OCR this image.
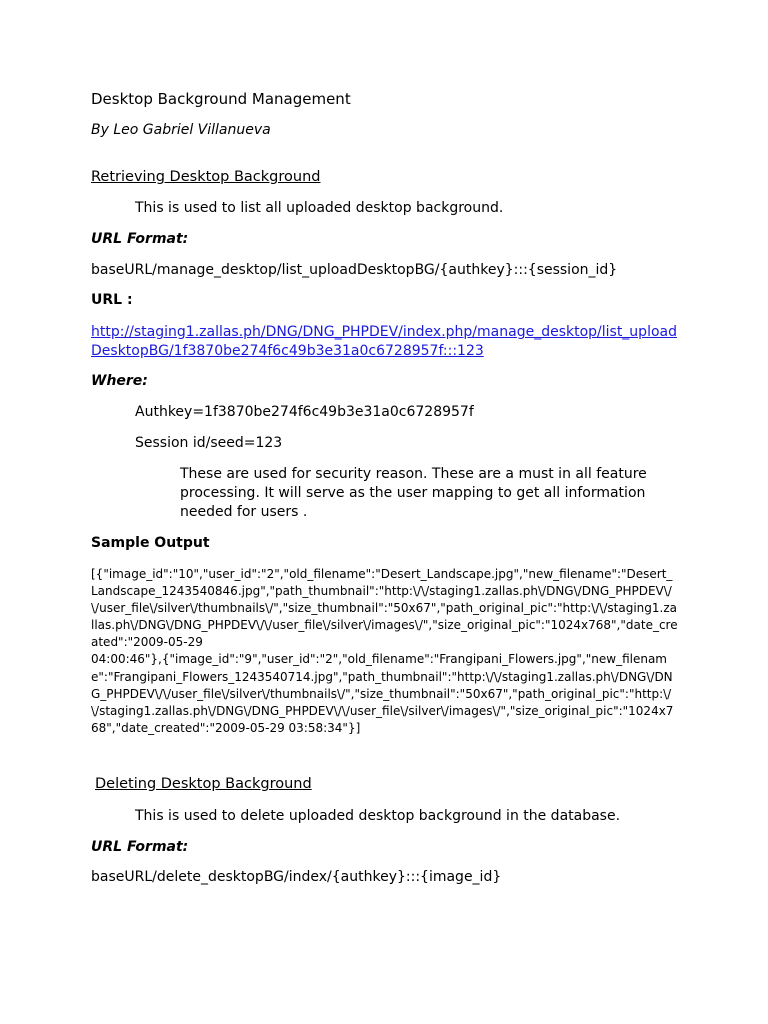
Desktop Background Management
By Leo Gabriel Villanueva
Retrieving Desktop Background
This is used to list all uploaded desktop background.
URL Format:
baseURL/manage_desktop/list_uploadDesktopBG/{authkey}:::{session_id}
URL :
http://staging1.zallas.ph/DNG/DNG_PHPDEV/index.php/manage_desktop/list_upload
DesktopBG/1f3870be274f6c49b3e31a0c6728957f:::123
Where:
Authkey=1f3870be274f6c49b3e31a0c6728957f
Session id/seed=123
These are used for security reason. These are a must in all feature
processing. It will serve as the user mapping to get all information
needed for users .
Sample Output
[{"image_id":"10","user_id":"2","old_filename":"Desert_Landscape.jpg","new_filename":"Desert_Landscape_1243540846.jpg","path_thumbnail":"http:\/\/staging1.zallas.ph\/DNG\/DNG_PHPDEV\/\/user_file\/silver\/thumbnails\/","size_thumbnail":"50x67","path_original_pic":"http:\/\/staging1.zallas.ph\/DNG\/DNG_PHPDEV\/\/user_file\/silver\/images\/","size_original_pic":"1024x768","date_created":"2009-05-29
04:00:46"},{"image_id":"9","user_id":"2","old_filename":"Frangipani_Flowers.jpg","new_filename":"Frangipani_Flowers_1243540714.jpg","path_thumbnail":"http:\/\/staging1.zallas.ph\/DNG\/DNG_PHPDEV\/\/user_file\/silver\/thumbnails\/","size_thumbnail":"50x67","path_original_pic":"http:\/\/staging1.zallas.ph\/DNG\/DNG_PHPDEV\/\/user_file\/silver\/images\/","size_original_pic":"1024x768","date_created":"2009-05-29 03:58:34"}]
Deleting Desktop Background
This is used to delete uploaded desktop background in the database.
URL Format:
baseURL/delete_desktopBG/index/{authkey}:::{image_id}
